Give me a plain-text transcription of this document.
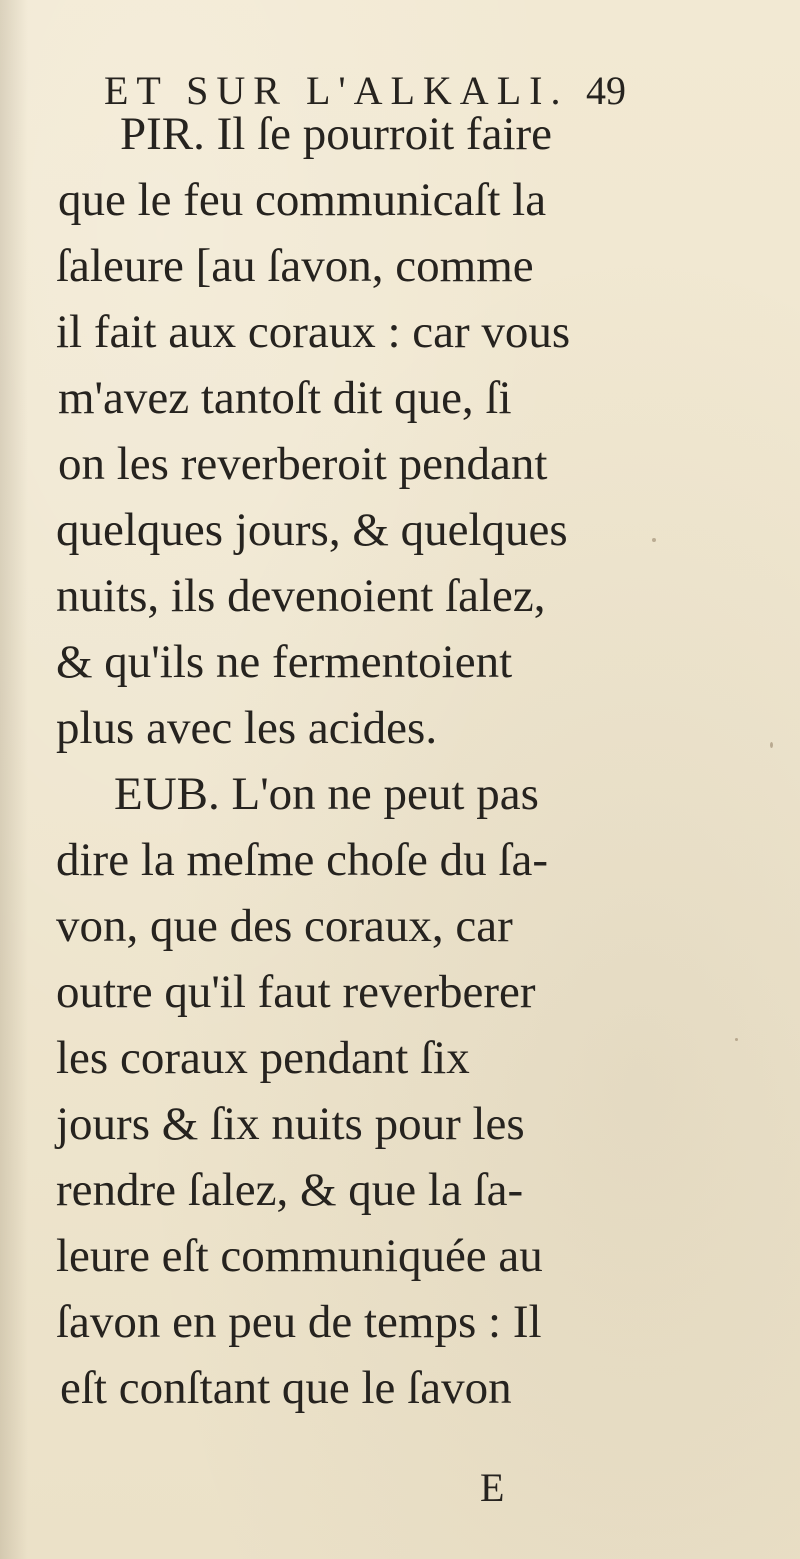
ET SUR L'ALKALI. 49
PIR. Il ſe pourroit faire
que le feu communicaſt la
ſaleure [au ſavon, comme
il fait aux coraux : car vous
m'avez tantoſt dit que, ſi
on les reverberoit pendant
quelques jours, & quelques
nuits, ils devenoient ſalez,
& qu'ils ne fermentoient
plus avec les acides.
EUB. L'on ne peut pas
dire la meſme choſe du ſa-
von, que des coraux, car
outre qu'il faut reverberer
les coraux pendant ſix
jours & ſix nuits pour les
rendre ſalez, & que la ſa-
leure eſt communiquée au
ſavon en peu de temps : Il
eſt conſtant que le ſavon
E
